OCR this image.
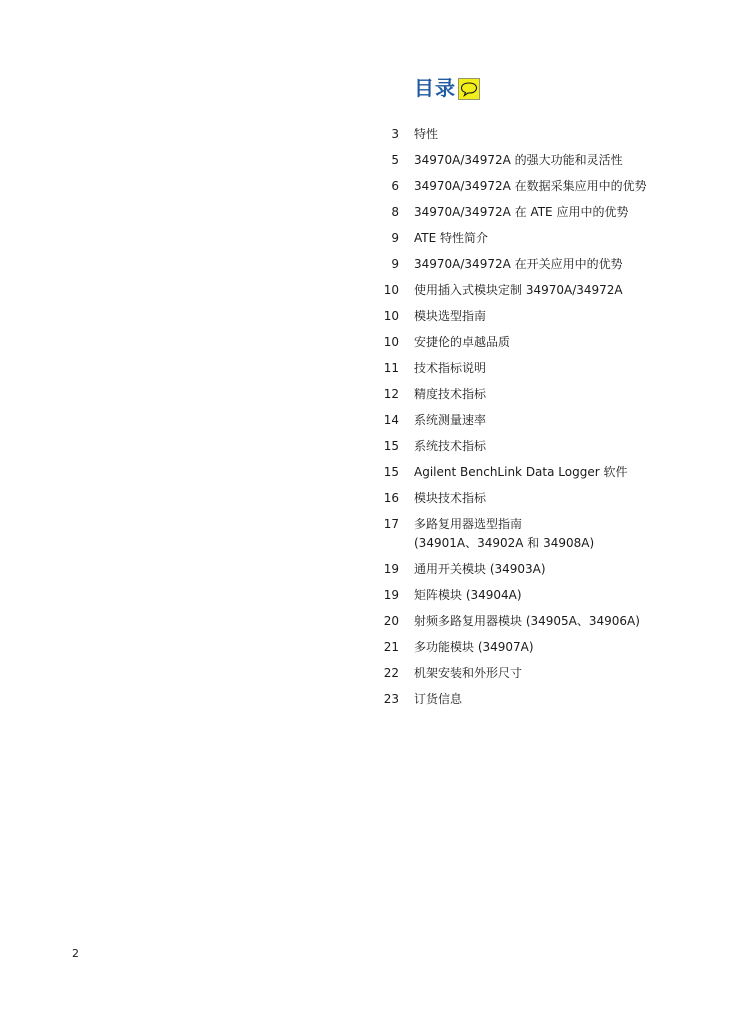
目录
3	特性
5	34970A/34972A 的强大功能和灵活性
6	34970A/34972A 在数据采集应用中的优势
8	34970A/34972A 在 ATE 应用中的优势
9	ATE 特性简介
9	34970A/34972A 在开关应用中的优势
10	使用插入式模块定制 34970A/34972A
10	模块选型指南
10	安捷伦的卓越品质
11	技术指标说明
12	精度技术指标
14	系统测量速率
15	系统技术指标
15	Agilent BenchLink Data Logger 软件
16	模块技术指标
17	多路复用器选型指南
(34901A、34902A 和 34908A)
19	通用开关模块 (34903A)
19	矩阵模块 (34904A)
20	射频多路复用器模块 (34905A、34906A)
21	多功能模块 (34907A)
22	机架安装和外形尺寸
23	订货信息
2
